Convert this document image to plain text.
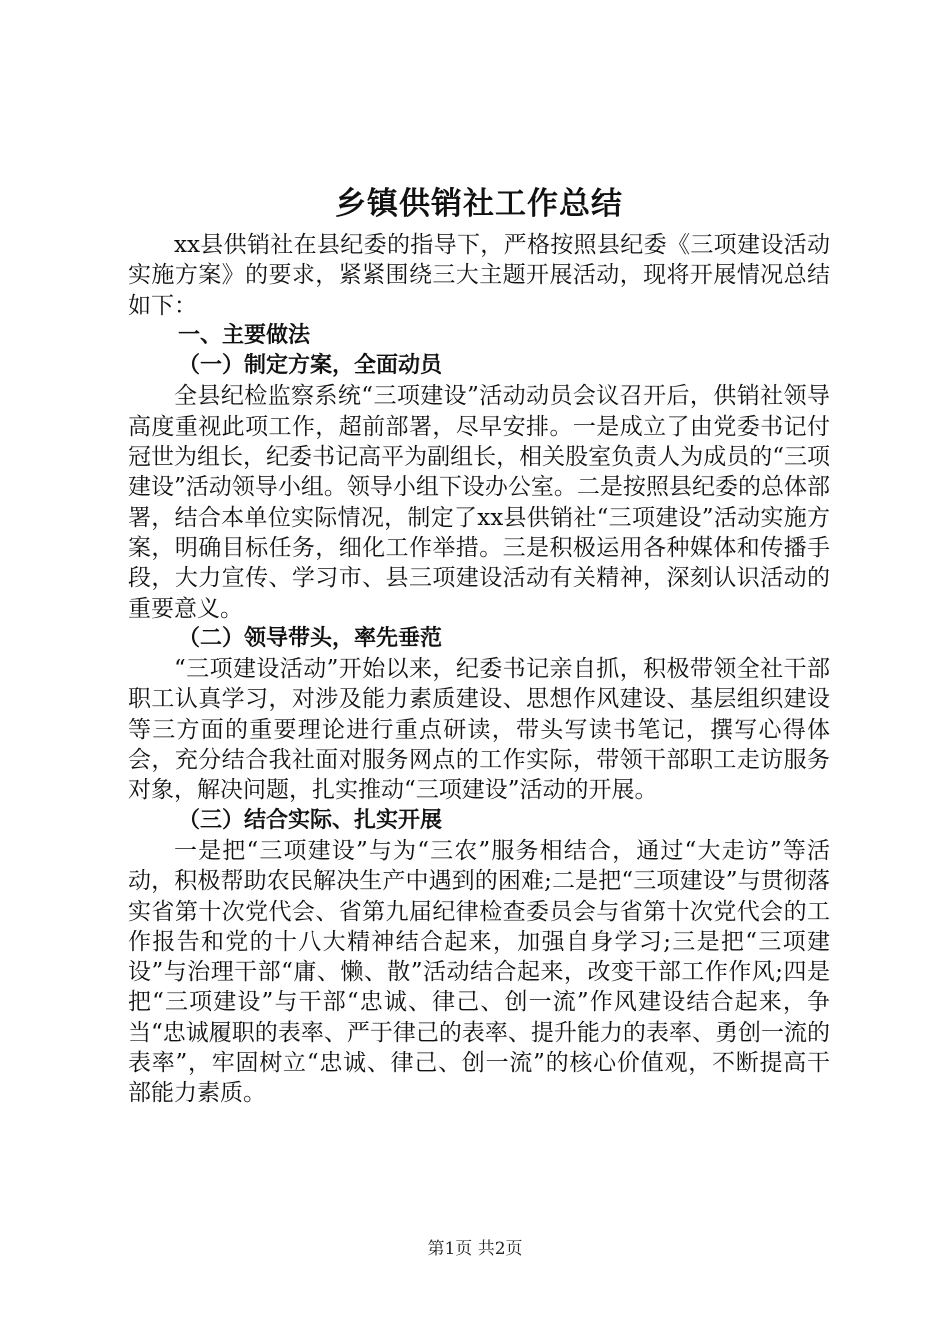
乡镇供销社工作总结

xx县供销社在县纪委的指导下，严格按照县纪委《三项建设活动实施方案》的要求，紧紧围绕三大主题开展活动，现将开展情况总结如下：

一、主要做法

（一）制定方案，全面动员

全县纪检监察系统“三项建设”活动动员会议召开后，供销社领导高度重视此项工作，超前部署，尽早安排。一是成立了由党委书记付冠世为组长，纪委书记高平为副组长，相关股室负责人为成员的“三项建设”活动领导小组。领导小组下设办公室。二是按照县纪委的总体部署，结合本单位实际情况，制定了xx县供销社“三项建设”活动实施方案，明确目标任务，细化工作举措。三是积极运用各种媒体和传播手段，大力宣传、学习市、县三项建设活动有关精神，深刻认识活动的重要意义。

（二）领导带头，率先垂范

“三项建设活动”开始以来，纪委书记亲自抓，积极带领全社干部职工认真学习，对涉及能力素质建设、思想作风建设、基层组织建设等三方面的重要理论进行重点研读，带头写读书笔记，撰写心得体会，充分结合我社面对服务网点的工作实际，带领干部职工走访服务对象，解决问题，扎实推动“三项建设”活动的开展。

（三）结合实际、扎实开展

一是把“三项建设”与为“三农”服务相结合，通过“大走访”等活动，积极帮助农民解决生产中遇到的困难;二是把“三项建设”与贯彻落实省第十次党代会、省第九届纪律检查委员会与省第十次党代会的工作报告和党的十八大精神结合起来，加强自身学习;三是把“三项建设”与治理干部“庸、懒、散”活动结合起来，改变干部工作作风;四是把“三项建设”与干部“忠诚、律己、创一流”作风建设结合起来，争当“忠诚履职的表率、严于律己的表率、提升能力的表率、勇创一流的表率”，牢固树立“忠诚、律己、创一流”的核心价值观，不断提高干部能力素质。

第1页 共2页
